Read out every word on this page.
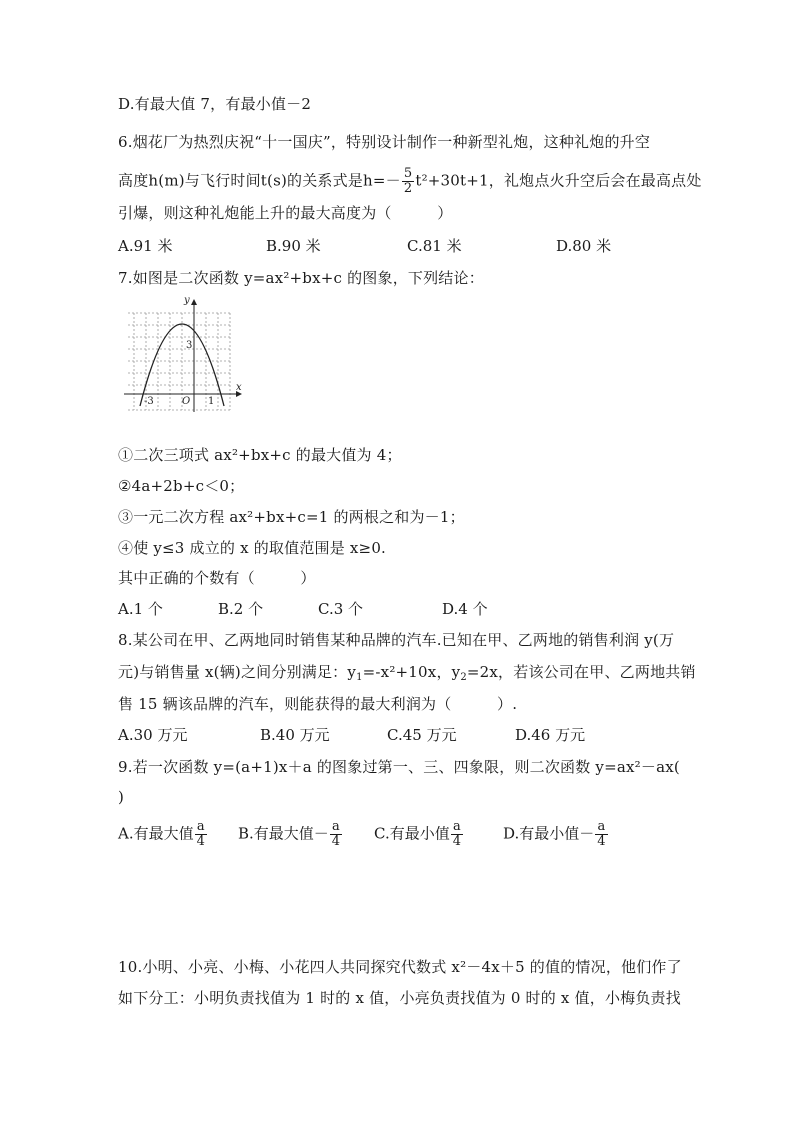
D.有最大值 7，有最小值－2
6.烟花厂为热烈庆祝“十一国庆”，特别设计制作一种新型礼炮，这种礼炮的升空
高度h(m)与飞行时间t(s)的关系式是$h=- \frac{5}{2} t^2+30t+1$，礼炮点火升空后会在最高点处
引爆，则这种礼炮能上升的最大高度为（　　　）
A.91 米	B.90 米	C.81 米	D.80 米
7.如图是二次函数 y=ax²+bx+c 的图象，下列结论：
y
x
O
3
-3	1
①二次三项式 ax²+bx+c 的最大值为 4；
②4a+2b+c＜0；
③一元二次方程 ax²+bx+c=1 的两根之和为－1；
④使 y≤3 成立的 x 的取值范围是 x≥0.
其中正确的个数有（　　　）
A.1 个	B.2 个	C.3 个	D.4 个
8.某公司在甲、乙两地同时销售某种品牌的汽车.已知在甲、乙两地的销售利润 y(万
元)与销售量 x(辆)之间分别满足：$y_1=-x^2+10x$，$y_2=2x$，若该公司在甲、乙两地共销
售 15 辆该品牌的汽车，则能获得的最大利润为（　　　）.
A.30 万元	B.40 万元	C.45 万元	D.46 万元
9.若一次函数 y=(a+1)x＋a 的图象过第一、三、四象限，则二次函数 y=ax²－ax(
)
A.有最大值 $\frac{a}{4} B$.有最大值－ $\frac{a}{4} C$.有最小值 $\frac{a}{4}$	D.有最小值－ $\frac{a}{4}$
10.小明、小亮、小梅、小花四人共同探究代数式 x²－4x＋5 的值的情况，他们作了
如下分工：小明负责找值为 1 时的 x 值，小亮负责找值为 0 时的 x 值，小梅负责找
